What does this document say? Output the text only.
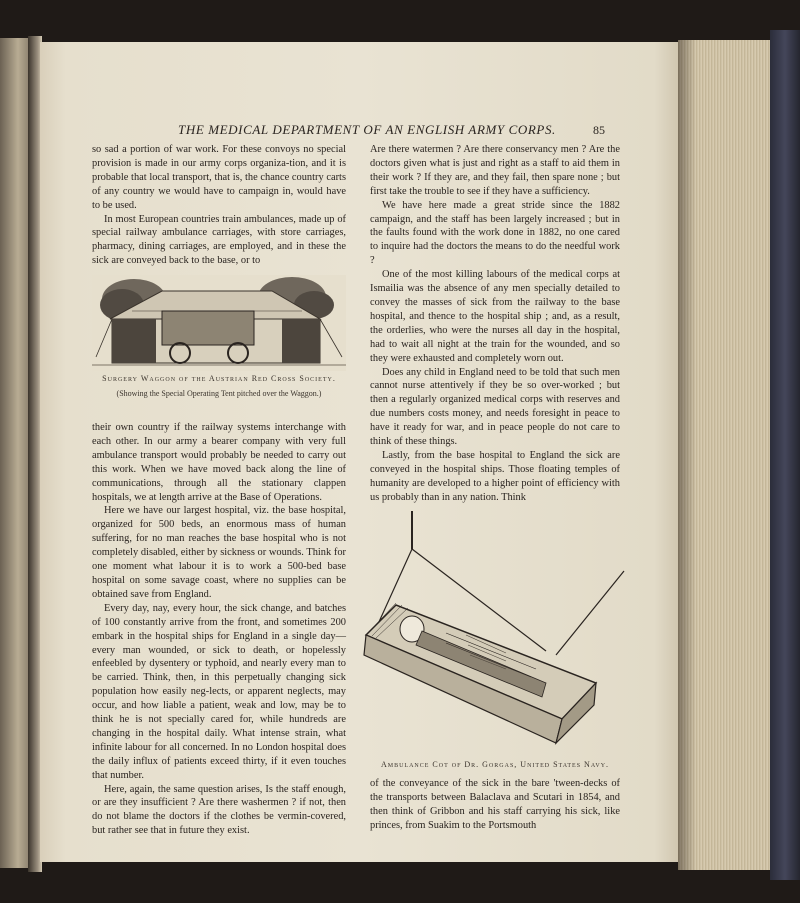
THE MEDICAL DEPARTMENT OF AN ENGLISH ARMY CORPS.	85

so sad a portion of war work. For these convoys no special provision is made in our army corps organiza-tion, and it is probable that local transport, that is, the chance country carts of any country we would have to campaign in, would have to be used.

In most European countries train ambulances, made up of special railway ambulance carriages, with store carriages, pharmacy, dining carriages, are employed, and in these the sick are conveyed back to the base, or to

Surgery Waggon of the Austrian Red Cross Society.
(Showing the Special Operating Tent pitched over the Waggon.)

their own country if the railway systems interchange with each other. In our army a bearer company with very full ambulance transport would probably be needed to carry out this work. When we have moved back along the line of communications, through all the stationary clappen hospitals, we at length arrive at the Base of Operations.

Here we have our largest hospital, viz. the base hospital, organized for 500 beds, an enormous mass of human suffering, for no man reaches the base hospital who is not completely disabled, either by sickness or wounds. Think for one moment what labour it is to work a 500-bed base hospital on some savage coast, where no supplies can be obtained save from England.

Every day, nay, every hour, the sick change, and batches of 100 constantly arrive from the front, and sometimes 200 embark in the hospital ships for England in a single day—every man wounded, or sick to death, or hopelessly enfeebled by dysentery or typhoid, and nearly every man to be carried. Think, then, in this perpetually changing sick population how easily neg-lects, or apparent neglects, may occur, and how liable a patient, weak and low, may be to think he is not specially cared for, while hundreds are changing in the hospital daily. What intense strain, what infinite labour for all concerned. In no London hospital does the daily influx of patients exceed thirty, if it even touches that number.

Here, again, the same question arises, Is the staff enough, or are they insufficient ? Are there washermen ? if not, then do not blame the doctors if the clothes be vermin-covered, but rather see that in future they exist.

Are there watermen ? Are there conservancy men ? Are the doctors given what is just and right as a staff to aid them in their work ? If they are, and they fail, then spare none ; but first take the trouble to see if they have a sufficiency.

We have here made a great stride since the 1882 campaign, and the staff has been largely increased ; but in the faults found with the work done in 1882, no one cared to inquire had the doctors the means to do the needful work ?

One of the most killing labours of the medical corps at Ismailia was the absence of any men specially detailed to convey the masses of sick from the railway to the base hospital, and thence to the hospital ship ; and, as a result, the orderlies, who were the nurses all day in the hospital, had to wait all night at the train for the wounded, and so they were exhausted and completely worn out.

Does any child in England need to be told that such men cannot nurse attentively if they be so over-worked ; but then a regularly organized medical corps with reserves and due numbers costs money, and needs foresight in peace to have it ready for war, and in peace people do not care to think of these things.

Lastly, from the base hospital to England the sick are conveyed in the hospital ships. Those floating temples of humanity are developed to a higher point of efficiency with us probably than in any nation. Think

Ambulance Cot of Dr. Gorgas, United States Navy.

of the conveyance of the sick in the bare 'tween-decks of the transports between Balaclava and Scutari in 1854, and then think of Gribbon and his staff carrying his sick, like princes, from Suakim to the Portsmouth
